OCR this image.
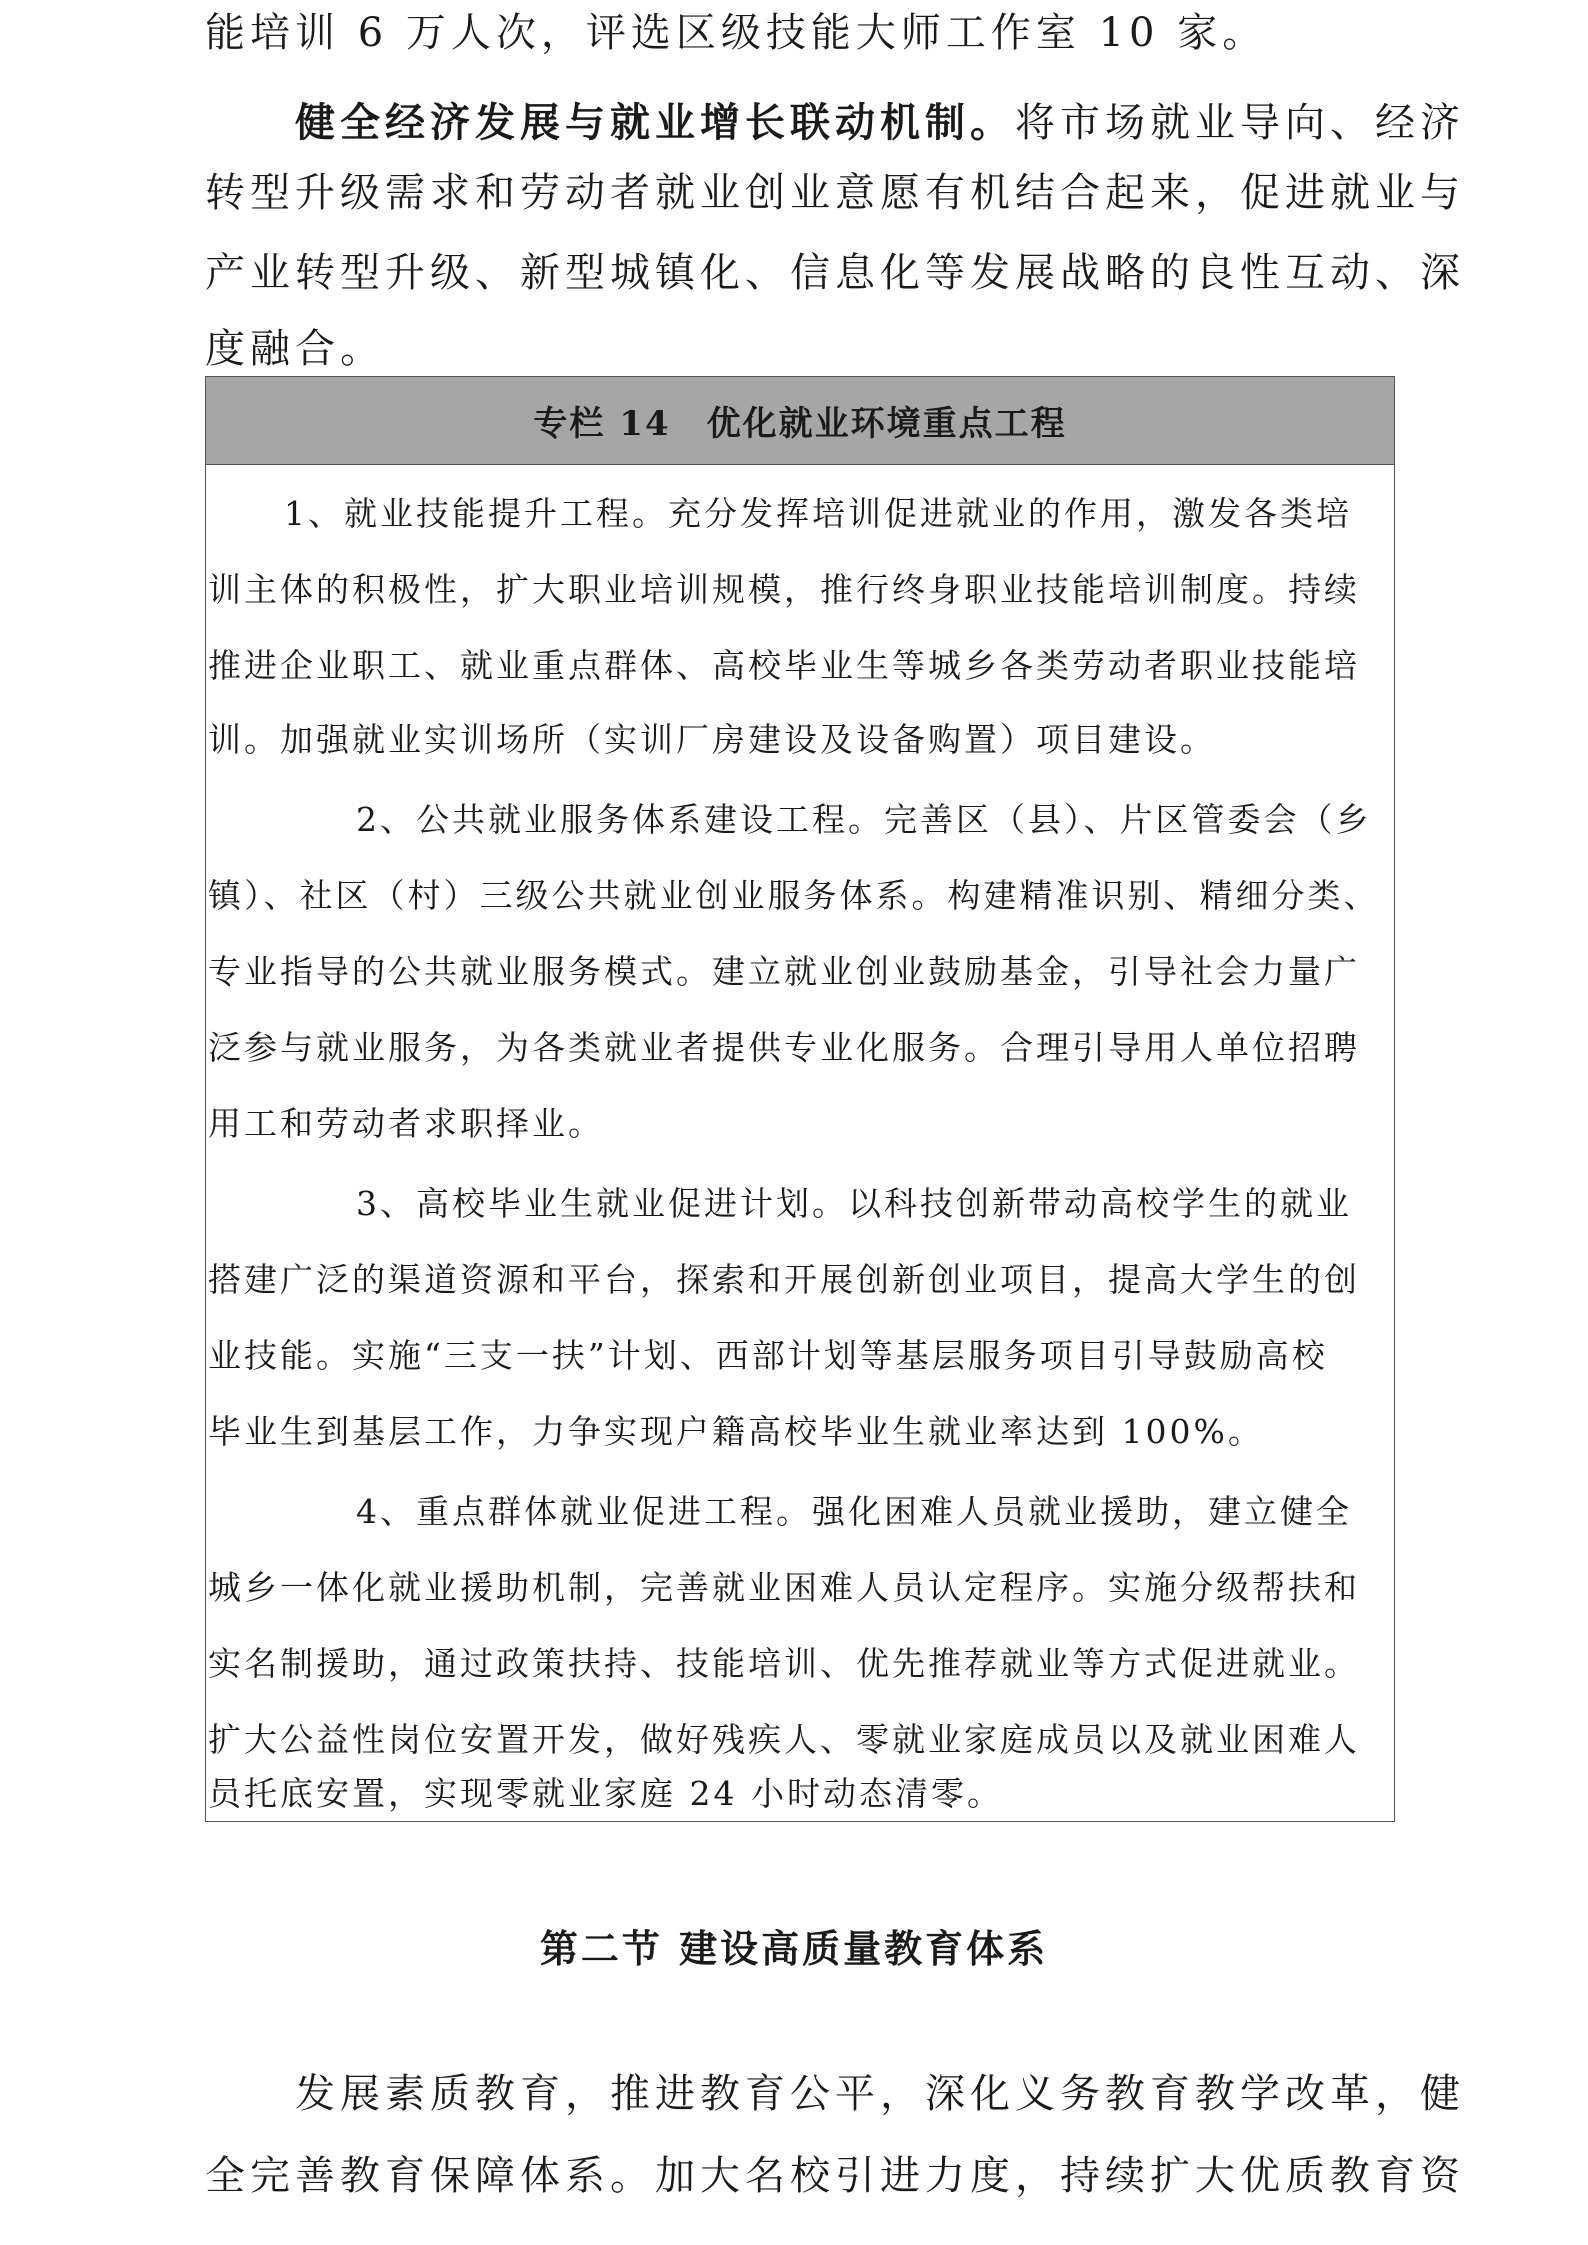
能培训 6 万人次，评选区级技能大师工作室 10 家。
健全经济发展与就业增长联动机制。将市场就业导向、经济
转型升级需求和劳动者就业创业意愿有机结合起来，促进就业与
产业转型升级、新型城镇化、信息化等发展战略的良性互动、深
度融合。
专栏 14　优化就业环境重点工程
1、就业技能提升工程。充分发挥培训促进就业的作用，激发各类培
训主体的积极性，扩大职业培训规模，推行终身职业技能培训制度。持续
推进企业职工、就业重点群体、高校毕业生等城乡各类劳动者职业技能培
训。加强就业实训场所（实训厂房建设及设备购置）项目建设。
2、公共就业服务体系建设工程。完善区（县）、片区管委会（乡
镇）、社区（村）三级公共就业创业服务体系。构建精准识别、精细分类、
专业指导的公共就业服务模式。建立就业创业鼓励基金，引导社会力量广
泛参与就业服务，为各类就业者提供专业化服务。合理引导用人单位招聘
用工和劳动者求职择业。
3、高校毕业生就业促进计划。以科技创新带动高校学生的就业
搭建广泛的渠道资源和平台，探索和开展创新创业项目，提高大学生的创
业技能。实施“三支一扶”计划、西部计划等基层服务项目引导鼓励高校
毕业生到基层工作，力争实现户籍高校毕业生就业率达到 100%。
4、重点群体就业促进工程。强化困难人员就业援助，建立健全
城乡一体化就业援助机制，完善就业困难人员认定程序。实施分级帮扶和
实名制援助，通过政策扶持、技能培训、优先推荐就业等方式促进就业。
扩大公益性岗位安置开发，做好残疾人、零就业家庭成员以及就业困难人
员托底安置，实现零就业家庭 24 小时动态清零。
第二节 建设高质量教育体系
发展素质教育，推进教育公平，深化义务教育教学改革，健
全完善教育保障体系。加大名校引进力度，持续扩大优质教育资
